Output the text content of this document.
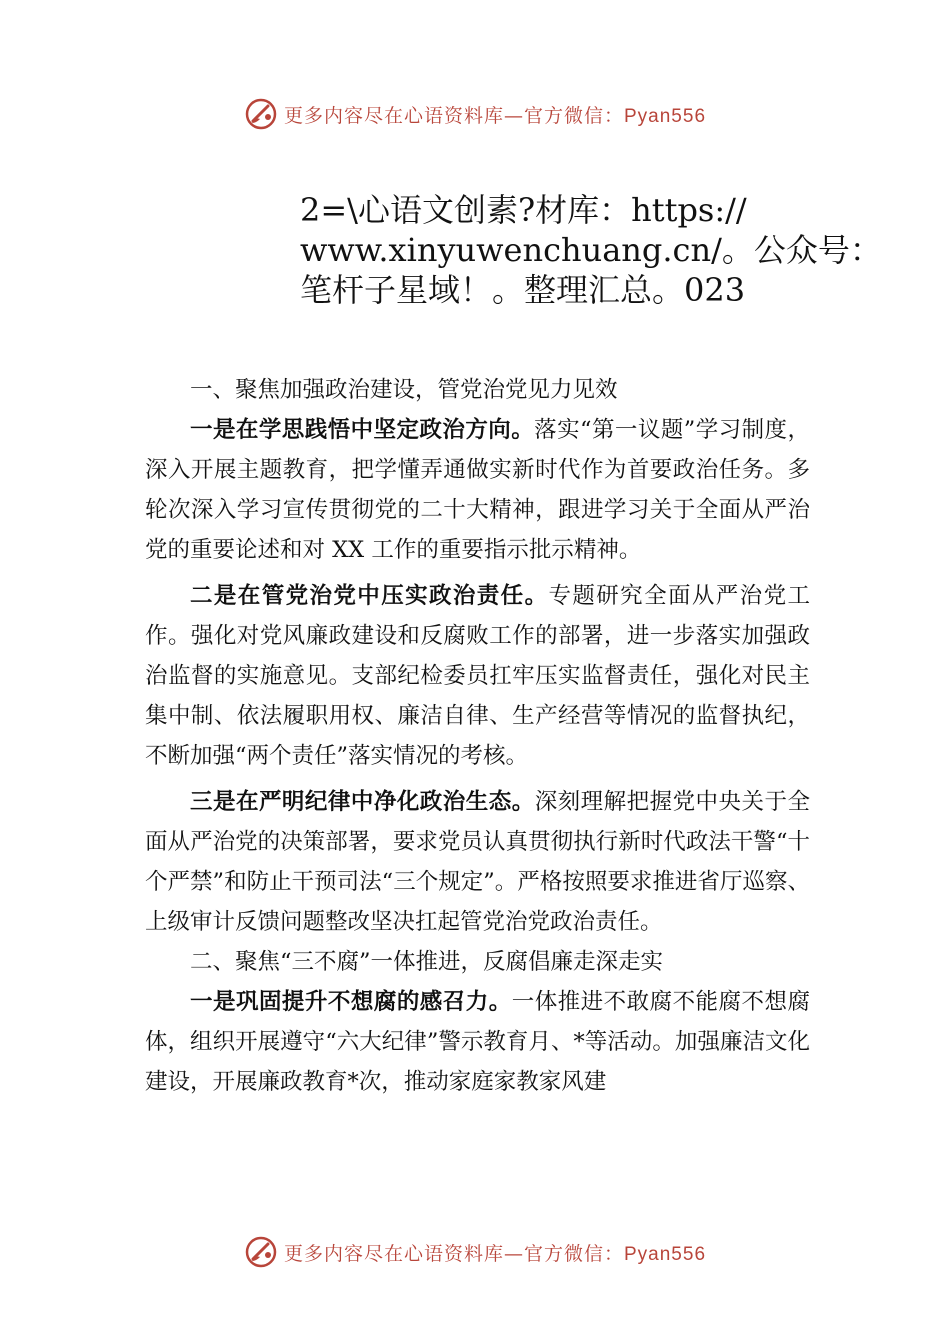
更多内容尽在心语资料库—官方微信：Pyan556
2=\心语文创素?材库：https://
www.xinyuwenchuang.cn/。公众号：
笔杆子星域！。整理汇总。023

一、聚焦加强政治建设，管党治党见力见效

一是在学思践悟中坚定政治方向。落实“第一议题”学习制度，深入开展主题教育，把学懂弄通做实新时代作为首要政治任务。多轮次深入学习宣传贯彻党的二十大精神，跟进学习关于全面从严治党的重要论述和对 XX 工作的重要指示批示精神。

二是在管党治党中压实政治责任。专题研究全面从严治党工作。强化对党风廉政建设和反腐败工作的部署，进一步落实加强政治监督的实施意见。支部纪检委员扛牢压实监督责任，强化对民主集中制、依法履职用权、廉洁自律、生产经营等情况的监督执纪，不断加强“两个责任”落实情况的考核。

三是在严明纪律中净化政治生态。深刻理解把握党中央关于全面从严治党的决策部署，要求党员认真贯彻执行新时代政法干警“十个严禁”和防止干预司法“三个规定”。严格按照要求推进省厅巡察、上级审计反馈问题整改坚决扛起管党治党政治责任。

二、聚焦“三不腐”一体推进，反腐倡廉走深走实

一是巩固提升不想腐的感召力。一体推进不敢腐不能腐不想腐体，组织开展遵守“六大纪律”警示教育月、*等活动。加强廉洁文化建设，开展廉政教育*次，推动家庭家教家风建

更多内容尽在心语资料库—官方微信：Pyan556
